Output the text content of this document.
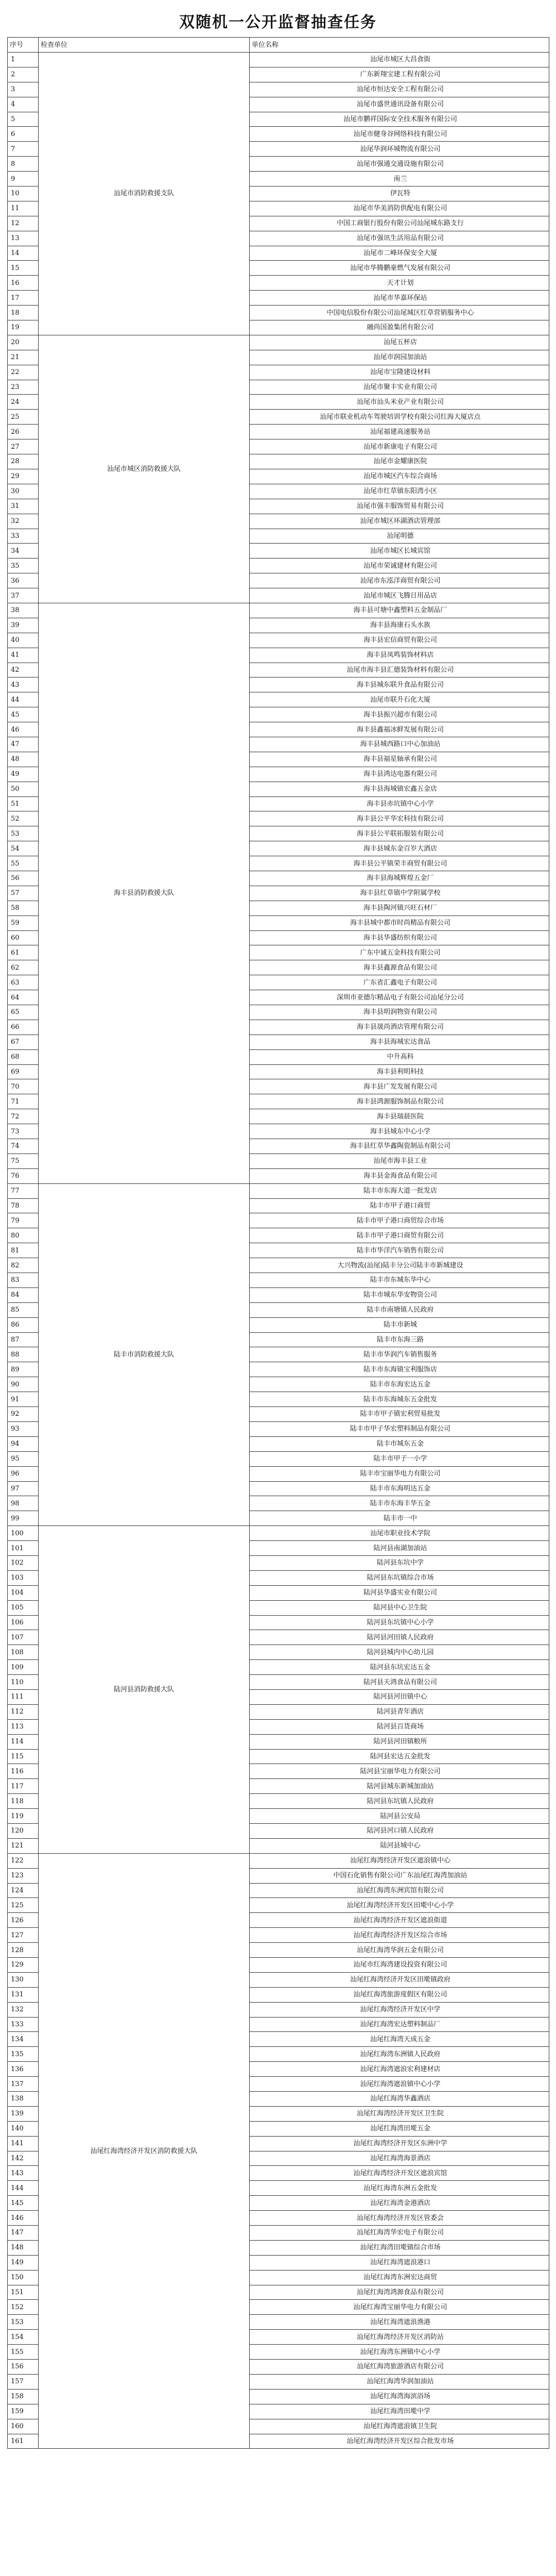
双随机一公开监督抽查任务
序号	检查单位	单位名称
1	汕尾市消防救援支队	汕尾市城区大昌食街
2		广东新翔宝建工程有限公司
3		汕尾市恒达安全工程有限公司
4		汕尾市盛世通讯设备有限公司
5		汕尾市鹏祥国际安全技术服务有限公司
6		汕尾市健身谷网络科技有限公司
7		汕尾华润环城物流有限公司
8		汕尾市强通交通设施有限公司
9		南兰
10		伊瓦特
11		汕尾市华美消防供配电有限公司
12		中国工商银行股份有限公司汕尾城东路支行
13		汕尾市强讯生活用品有限公司
14		汕尾市二峰环保安全大厦
15		汕尾市华腾鹏豪燃气发展有限公司
16		天才计划
17		汕尾市华嘉环保站
18		中国电信股份有限公司汕尾城区红草营销服务中心
19		融尚国盈集团有限公司
20	汕尾市城区消防救援大队	汕尾五杯店
21		汕尾市润园加油站
22		汕尾市宝隆建设材料
23		汕尾市聚丰实业有限公司
24		汕尾市汕头米业产业有限公司
25		汕尾市联业机动车驾驶培训学校有限公司红海大厦店点
26		汕尾福建高速服务站
27		汕尾市新康电子有限公司
28		汕尾市金耀康医院
29		汕尾市城区汽车综合商场
30		汕尾市红草镇东阳湾小区
31		汕尾市强丰服饰贸易有限公司
32		汕尾市城区环湖酒店管理部
33		汕尾明德
34		汕尾市城区长城宾馆
35		汕尾市荣诚建材有限公司
36		汕尾市东泓洋商贸有限公司
37		汕尾市城区飞腾日用品店
38	海丰县消防救援大队	海丰县可塘中鑫塑料五金制品厂
39		海丰县海康石头水族
40		海丰县宏信商贸有限公司
41		海丰县凤鸣装饰材料店
42		汕尾市海丰县汇德装饰材料有限公司
43		海丰县城东联升食品有限公司
44		汕尾市联升石化大厦
45		海丰县振兴超市有限公司
46		海丰县鑫福冰鲜发展有限公司
47		海丰县城西路口中心加油站
48		海丰县福星轴承有限公司
49		海丰县鸿达电器有限公司
50		海丰县海城镇宏鑫五金店
51		海丰县赤坑镇中心小学
52		海丰县公平华宏科技有限公司
53		海丰县公平联拓服装有限公司
54		海丰县城东金百岁大酒店
55		海丰县公平镇荣丰商贸有限公司
56		海丰县海城辉煌五金厂
57		海丰县红草镇中学附属学校
58		海丰县陶河镇兴旺石材厂
59		海丰县城中都市时尚精品有限公司
60		海丰县华盛纺织有限公司
61		广东中诚五金科技有限公司
62		海丰县鑫源食品有限公司
63		广东省汇鑫电子有限公司
64		深圳市亚德尔精品电子有限公司汕尾分公司
65		海丰县明润物资有限公司
66		海丰县晟尚酒店管理有限公司
67		海丰县海城宏达食品
68		中升高科
69		海丰县利明科技
70		海丰县广发发展有限公司
71		海丰县鸿源服饰制品有限公司
72		海丰县瑞晨医院
73		海丰县城东中心小学
74		海丰县红草华鑫陶瓷制品有限公司
75		汕尾市海丰县工业
76		海丰县金海食品有限公司
77	陆丰市消防救援大队	陆丰市东海大道一批发店
78		陆丰市甲子港口商贸
79		陆丰市甲子港口商贸综合市场
80		陆丰市甲子港口商贸有限公司
81		陆丰市华洋汽车销售有限公司
82		大兴物流(汕尾)陆丰分公司陆丰市新城建设
83		陆丰市东城东华中心
84		陆丰市城东华安物资公司
85		陆丰市南塘镇人民政府
86		陆丰市新城
87		陆丰市东海三路
88		陆丰市华润汽车销售服务
89		陆丰市东海镇宝利服饰店
90		陆丰市东海宏达五金
91		陆丰市东海城东五金批发
92		陆丰市甲子镇宏利贸易批发
93		陆丰市甲子华宏塑料制品有限公司
94		陆丰市城东五金
95		陆丰市甲子一小学
96		陆丰市宝丽华电力有限公司
97		陆丰市东海明达五金
98		陆丰市东海丰华五金
99		陆丰市一中
100	陆河县消防救援大队	汕尾市职业技术学院
101		陆河县南湖加油站
102		陆河县东坑中学
103		陆河县东坑镇综合市场
104		陆河县华盛实业有限公司
105		陆河县中心卫生院
106		陆河县东坑镇中心小学
107		陆河县河田镇人民政府
108		陆河县城内中心幼儿园
109		陆河县东坑宏达五金
110		陆河县天鸿食品有限公司
111		陆河县河田镇中心
112		陆河县青年酒店
113		陆河县百货商场
114		陆河县河田镇粮所
115		陆河县宏达五金批发
116		陆河县宝丽华电力有限公司
117		陆河县城东新城加油站
118		陆河县东坑镇人民政府
119		陆河县公安局
120		陆河县河口镇人民政府
121		陆河县城中心
122	汕尾红海湾经济开发区消防救援大队	汕尾红海湾经济开发区遮浪镇中心
123		中国石化销售有限公司广东汕尾红海湾加油站
124		汕尾红海湾东洲宾馆有限公司
125		汕尾红海湾经济开发区田墘中心小学
126		汕尾红海湾经济开发区遮浪街道
127		汕尾红海湾经济开发区综合市场
128		汕尾红海湾华润五金有限公司
129		汕尾市红海湾建设投资有限公司
130		汕尾红海湾经济开发区田墘镇政府
131		汕尾红海湾旅游度假区有限公司
132		汕尾红海湾经济开发区中学
133		汕尾红海湾宏达塑料制品厂
134		汕尾红海湾天成五金
135		汕尾红海湾东洲镇人民政府
136		汕尾红海湾遮浪宏利建材店
137		汕尾红海湾遮浪镇中心小学
138		汕尾红海湾华鑫酒店
139		汕尾红海湾经济开发区卫生院
140		汕尾红海湾田墘五金
141		汕尾红海湾经济开发区东洲中学
142		汕尾红海湾海景酒店
143		汕尾红海湾经济开发区遮浪宾馆
144		汕尾红海湾东洲五金批发
145		汕尾红海湾金港酒店
146		汕尾红海湾经济开发区管委会
147		汕尾红海湾华宏电子有限公司
148		汕尾红海湾田墘镇综合市场
149		汕尾红海湾遮浪港口
150		汕尾红海湾东洲宏达商贸
151		汕尾红海湾鸿源食品有限公司
152		汕尾红海湾宝丽华电力有限公司
153		汕尾红海湾遮浪渔港
154		汕尾红海湾经济开发区消防站
155		汕尾红海湾东洲镇中心小学
156		汕尾红海湾旅游酒店有限公司
157		汕尾红海湾华润加油站
158		汕尾红海湾海滨浴场
159		汕尾红海湾田墘中学
160		汕尾红海湾遮浪镇卫生院
161		汕尾红海湾经济开发区综合批发市场
